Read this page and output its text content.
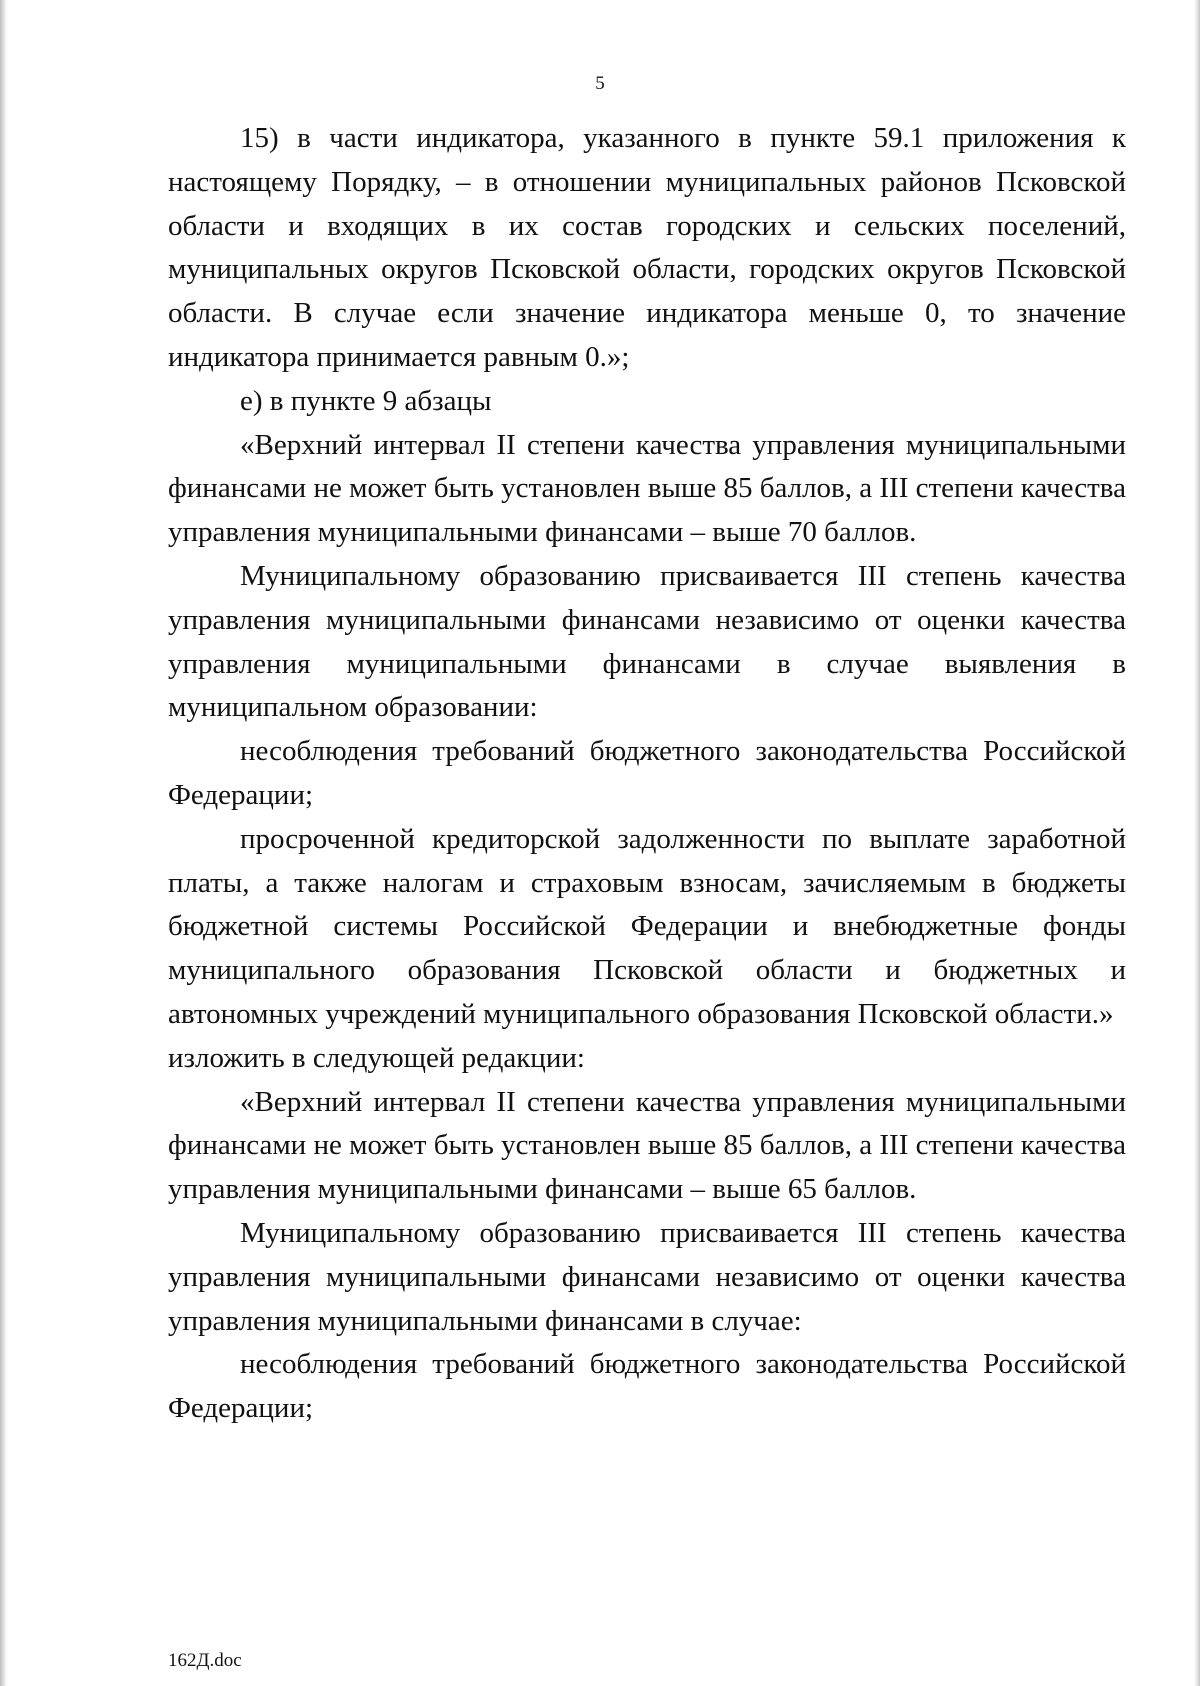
5

15) в части индикатора, указанного в пункте 59.1 приложения к настоящему Порядку, – в отношении муниципальных районов Псковской области и входящих в их состав городских и сельских поселений, муниципальных округов Псковской области, городских округов Псковской области. В случае если значение индикатора меньше 0, то значение индикатора принимается равным 0.»;

е) в пункте 9 абзацы

«Верхний интервал II степени качества управления муниципальными финансами не может быть установлен выше 85 баллов, а III степени качества управления муниципальными финансами – выше 70 баллов.

Муниципальному образованию присваивается III степень качества управления муниципальными финансами независимо от оценки качества управления муниципальными финансами в случае выявления в муниципальном образовании:

несоблюдения требований бюджетного законодательства Российской Федерации;

просроченной кредиторской задолженности по выплате заработной платы, а также налогам и страховым взносам, зачисляемым в бюджеты бюджетной системы Российской Федерации и внебюджетные фонды муниципального образования Псковской области и бюджетных и автономных учреждений муниципального образования Псковской области.»

изложить в следующей редакции:

«Верхний интервал II степени качества управления муниципальными финансами не может быть установлен выше 85 баллов, а III степени качества управления муниципальными финансами – выше 65 баллов.

Муниципальному образованию присваивается III степень качества управления муниципальными финансами независимо от оценки качества управления муниципальными финансами в случае:

несоблюдения требований бюджетного законодательства Российской Федерации;

162Д.doc
